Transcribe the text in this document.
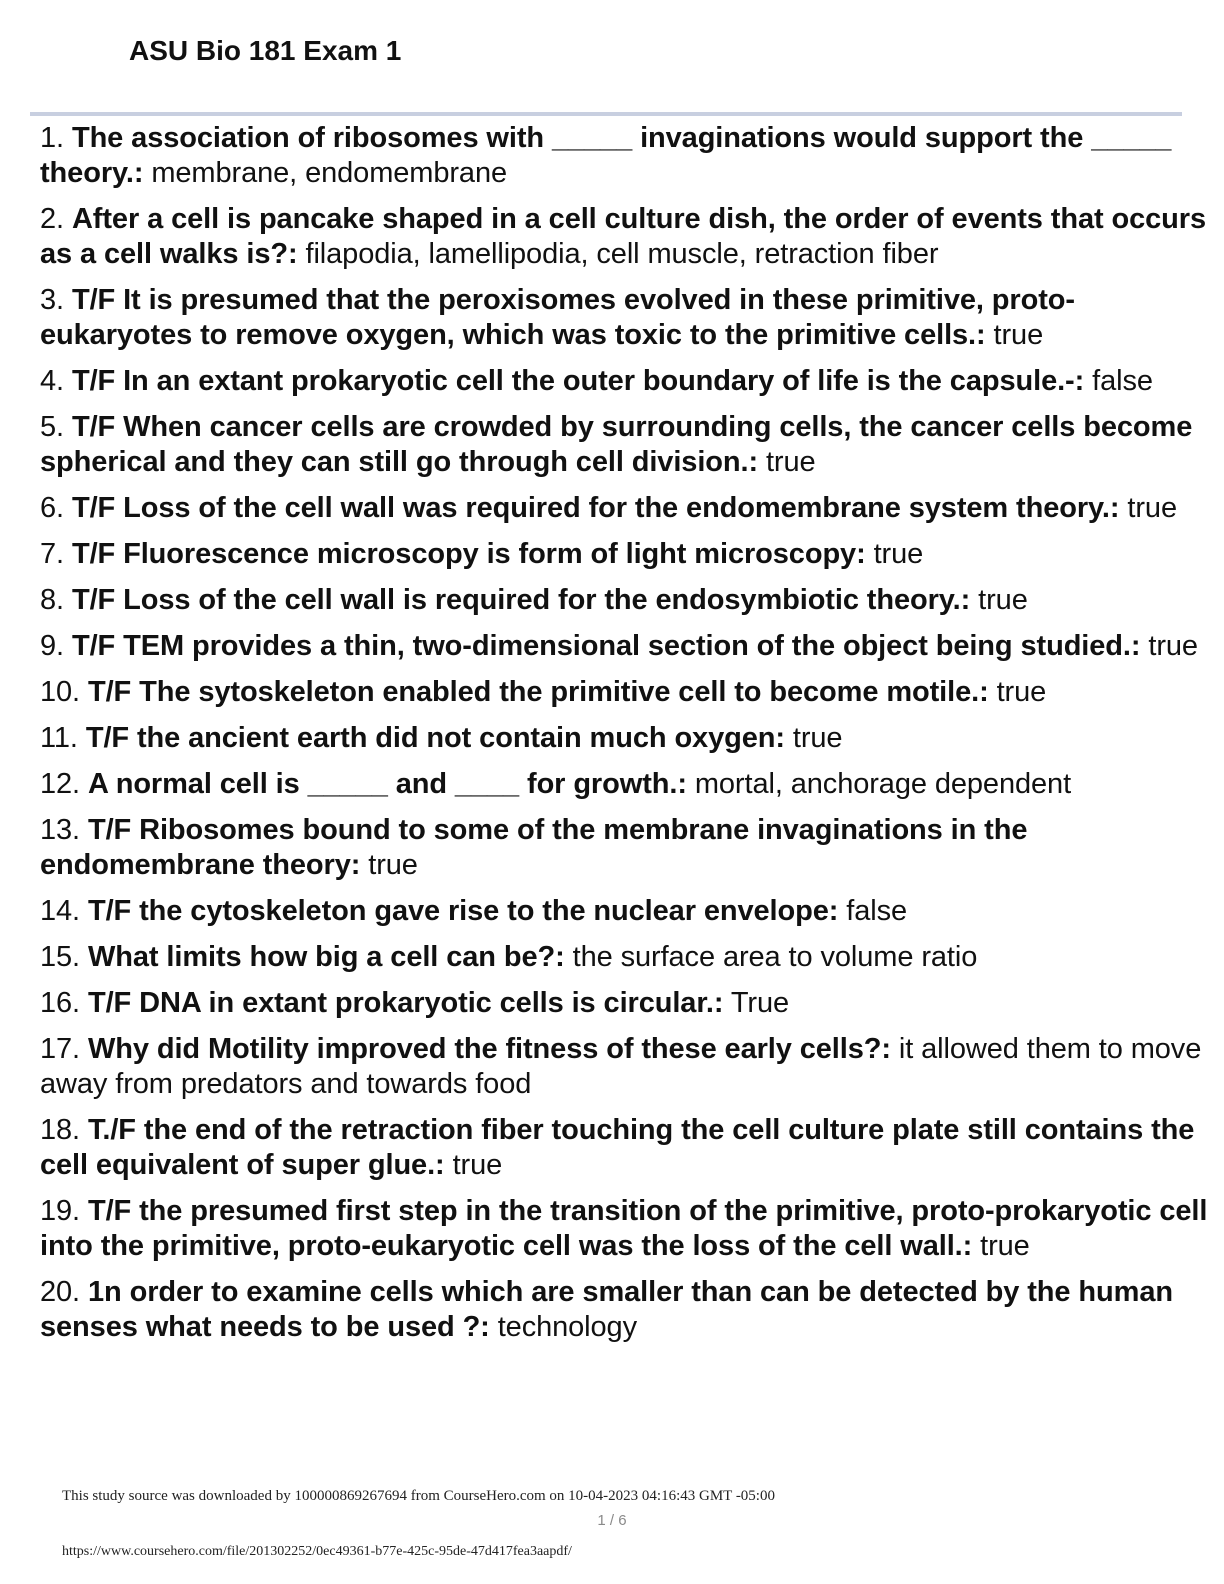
ASU Bio 181 Exam 1
1. The association of ribosomes with _____ invaginations would support the _____ theory.: membrane, endomembrane
2. After a cell is pancake shaped in a cell culture dish, the order of events that occurs as a cell walks is?: filapodia, lamellipodia, cell muscle, retraction fiber
3. T/F It is presumed that the peroxisomes evolved in these primitive, proto-eukaryotes to remove oxygen, which was toxic to the primitive cells.: true
4. T/F In an extant prokaryotic cell the outer boundary of life is the capsule.-: false
5. T/F When cancer cells are crowded by surrounding cells, the cancer cells become spherical and they can still go through cell division.: true
6. T/F Loss of the cell wall was required for the endomembrane system theory.: true
7. T/F Fluorescence microscopy is form of light microscopy: true
8. T/F Loss of the cell wall is required for the endosymbiotic theory.: true
9. T/F TEM provides a thin, two-dimensional section of the object being studied.: true
10. T/F The sytoskeleton enabled the primitive cell to become motile.: true
11. T/F the ancient earth did not contain much oxygen: true
12. A normal cell is _____ and ____ for growth.: mortal, anchorage dependent
13. T/F Ribosomes bound to some of the membrane invaginations in the endomembrane theory: true
14. T/F the cytoskeleton gave rise to the nuclear envelope: false
15. What limits how big a cell can be?: the surface area to volume ratio
16. T/F DNA in extant prokaryotic cells is circular.: True
17. Why did Motility improved the fitness of these early cells?: it allowed them to move away from predators and towards food
18. T./F the end of the retraction fiber touching the cell culture plate still contains the cell equivalent of super glue.: true
19. T/F the presumed first step in the transition of the primitive, proto-prokaryotic cell into the primitive, proto-eukaryotic cell was the loss of the cell wall.: true
20. 1n order to examine cells which are smaller than can be detected by the human senses what needs to be used ?: technology
This study source was downloaded by 100000869267694 from CourseHero.com on 10-04-2023 04:16:43 GMT -05:00
1 / 6
https://www.coursehero.com/file/201302252/0ec49361-b77e-425c-95de-47d417fea3aapdf/
